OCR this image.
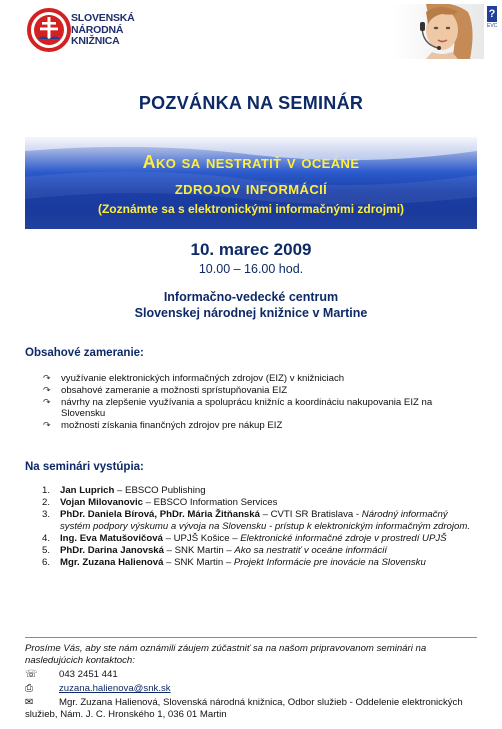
SLOVENSKÁ
NÁRODNÁ
KNIŽNICA
?
EVC
POZVÁNKA NA SEMINÁR
Ako sa nestratiť v oceáne
zdrojov informácií
(Zoznámte sa s elektronickými informačnými zdrojmi)
10. marec 2009
10.00 – 16.00 hod.
Informačno-vedecké centrum
Slovenskej národnej knižnice v Martine
Obsahové zameranie:
↷ využívanie elektronických informačných zdrojov (EIZ) v knižniciach
↷ obsahové zameranie a možnosti sprístupňovania EIZ
↷ návrhy na zlepšenie využívania a spoluprácu knižníc a koordináciu nakupovania EIZ na Slovensku
↷ možnosti získania finančných zdrojov pre nákup EIZ
Na seminári vystúpia:
1. Jan Luprich – EBSCO Publishing
2. Vojan Milovanovic – EBSCO Information Services
3. PhDr. Daniela Bírová, PhDr. Mária Žitňanská – CVTI SR Bratislava - Národný informačný systém podpory výskumu a vývoja na Slovensku - prístup k elektronickým informačným zdrojom.
4. Ing. Eva Matušovičová – UPJŠ Košice – Elektronické informačné zdroje v prostredí UPJŠ
5. PhDr. Darina Janovská – SNK Martin – Ako sa nestratiť v oceáne informácií
6. Mgr. Zuzana Halienová – SNK Martin – Projekt Informácie pre inovácie na Slovensku
Prosíme Vás, aby ste nám oznámili záujem zúčastniť sa na našom pripravovanom seminári na nasledujúcich kontaktoch:
☏ 043 2451 441
⎙	zuzana.halienova@snk.sk
✉	Mgr. Zuzana Halienová, Slovenská národná knižnica, Odbor služieb - Oddelenie elektronických služieb, Nám. J. C. Hronského 1, 036 01 Martin
